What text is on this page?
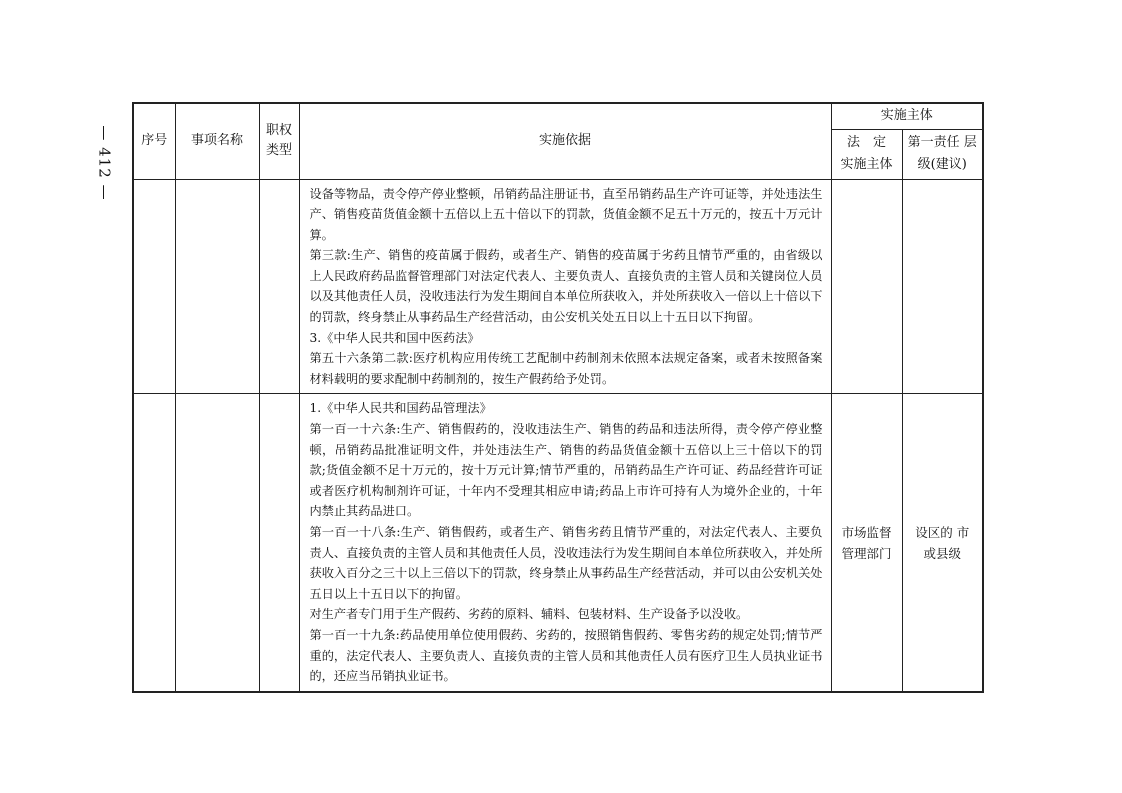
— 412 — 序号	事项名称	职权类型	实施依据	实施主体	

				法　定 实施主体	第一责任 层级(建议)

			设备等物品，责令停产停业整顿，吊销药品注册证书，直至吊销药品生产许可证等，并处违法生产、销售疫苗货值金额十五倍以上五十倍以下的罚款，货值金额不足五十万元的，按五十万元计算。

第三款:生产、销售的疫苗属于假药，或者生产、销售的疫苗属于劣药且情节严重的，由省级以上人民政府药品监督管理部门对法定代表人、主要负责人、直接负责的主管人员和关键岗位人员以及其他责任人员，没收违法行为发生期间自本单位所获收入，并处所获收入一倍以上十倍以下的罚款，终身禁止从事药品生产经营活动，由公安机关处五日以上十五日以下拘留。

3.《中华人民共和国中医药法》

第五十六条第二款:医疗机构应用传统工艺配制中药制剂未依照本法规定备案，或者未按照备案材料载明的要求配制中药制剂的，按生产假药给予处罚。		

			1.《中华人民共和国药品管理法》

第一百一十六条:生产、销售假药的，没收违法生产、销售的药品和违法所得，责令停产停业整顿，吊销药品批准证明文件，并处违法生产、销售的药品货值金额十五倍以上三十倍以下的罚款;货值金额不足十万元的，按十万元计算;情节严重的，吊销药品生产许可证、药品经营许可证或者医疗机构制剂许可证，十年内不受理其相应申请;药品上市许可持有人为境外企业的，十年内禁止其药品进口。

第一百一十八条:生产、销售假药，或者生产、销售劣药且情节严重的，对法定代表人、主要负责人、直接负责的主管人员和其他责任人员，没收违法行为发生期间自本单位所获收入，并处所获收入百分之三十以上三倍以下的罚款，终身禁止从事药品生产经营活动，并可以由公安机关处五日以上十五日以下的拘留。

对生产者专门用于生产假药、劣药的原料、辅料、包装材料、生产设备予以没收。

第一百一十九条:药品使用单位使用假药、劣药的，按照销售假药、零售劣药的规定处罚;情节严重的，法定代表人、主要负责人、直接负责的主管人员和其他责任人员有医疗卫生人员执业证书的，还应当吊销执业证书。	市场监督 管理部门	设区的 市或县级
